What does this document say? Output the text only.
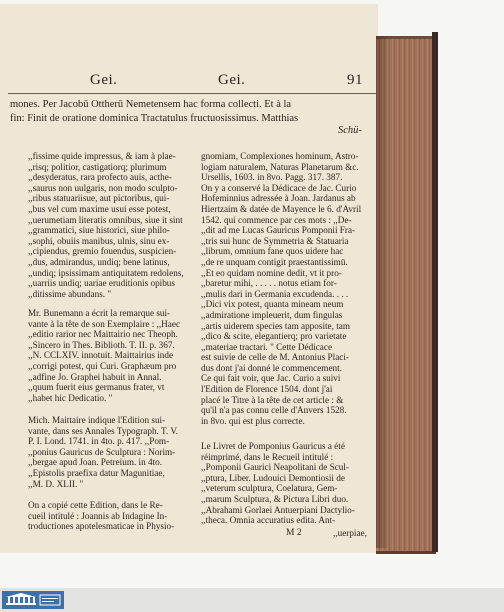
Gei.	Gei.	91
mones. Per Jacobū Ottherū Nemetensem hac forma collecti. Et à la
fin: Finit de oratione dominica Tractatulus fructuosissimus. Matthias
Schü-
,,fissime quide impressus, & iam à plae-
,,risq; politior, castigatiorq; plurimum
,,desyderatus, rara profecto auis, acthe-
,,saurus non uulgaris, non modo sculpto-
,,ribus statuariisue, aut pictoribus, qui-
,,bus vel cum maxime usui esse potest,
,,uerumetiam literatis omnibus, siue it sint
,,grammatici, siue historici, siue philo-
,,sophi, obuiis manibus, ulnis, sinu ex-
,,cipiendus, gremio fouendus, suspicien-
,,dus, admirandus, undiq; bene latinus,
,,undiq; ipsissimam antiquitatem redolens,
,,uarriis undiq; uariae eruditionis opibus
,,ditissime abundans. "
Mr. Bunemann a écrit la remarque sui-
vante à la tête de son Exemplaire : ,,Haec
,,editio rarior nec Maittairio nec Theoph.
,,Sincero in Thes. Biblioth. T. II. p. 367.
,,N. CCLXIV. innotuit. Maittairius inde
,,corrigi potest, qui Curi. Graphæum pro
,,adfine Jo. Graphei habuit in Annal.
,,quum fuerit eius germanus frater, vt
,,habet hic Dedicatio. "
Mich. Maittaire indique l'Edition sui-
vante, dans ses Annales Typograph. T. V.
P. I. Lond. 1741. in 4to. p. 417. ,,Pom-
,,ponius Gauricus de Sculptura : Norim-
,,bergae apud Joan. Petreium. in 4to.
,,Epistolis praefixa datur Magunitiae,
,,M. D. XLII. "
On a copié cette Edition, dans le Re-
cueil intitulé : Joannis ab Indagine In-
troductiones apotelesmaticae in Physio-
gnomiam, Complexiones hominum, Astro-
logiam naturalem, Naturas Planetarum &c.
Ursellis, 1603. in 8vo. Pagg. 317. 387.
On y a conservé la Dédicace de Jac. Curio
Hofeminnius adressée à Joan. Jardanus ab
Hiertzaim & datée de Mayence le 6. d'Avril
1542. qui commence par ces mots : ,,De-
,,dit ad me Lucas Gauricus Pomponii Fra-
,,tris sui hunc de Symmetria & Statuaria
,,librum, omnium fane quos uidere hac
,,de re unquam contigit praestantissimū.
,,Et eo quidam nomine dedit, vt it pro-
,,baretur mihi, . . . . . notus etiam for-
,,mulis dari in Germania excudenda. . . .
,,Dici vix potest, quanta mineam neum
,,admiratione impleuerit, dum fingulas
,,artis uiderem species tam apposite, tam
,,dico & scite, elegantierq; pro varietate
,,materiae tractari. " Cette Dédicace
est suivie de celle de M. Antonius Placi-
dus dont j'ai donné le commencement.
Ce qui fait voir, que Jac. Curio a suivi
l'Edition de Florence 1504. dont j'ai
placé le Titre à la tête de cet article : &
qu'il n'a pas connu celle d'Anvers 1528.
in 8vo. qui est plus correcte.
Le Livret de Pomponius Gauricus a été
réimprimé, dans le Recueil intitulé :
,,Pomponii Gaurici Neapolitani de Scul-
,,ptura, Liber. Ludouici Demontiosii de
,,veterum sculptura, Coelatura, Gem-
,,marum Sculptura, & Pictura Libri duo.
,,Abrahami Gorlaei Antuerpiani Dactylio-
,,theca. Omnia accuratius edita. Ant-
M 2	,,uerpiae,
